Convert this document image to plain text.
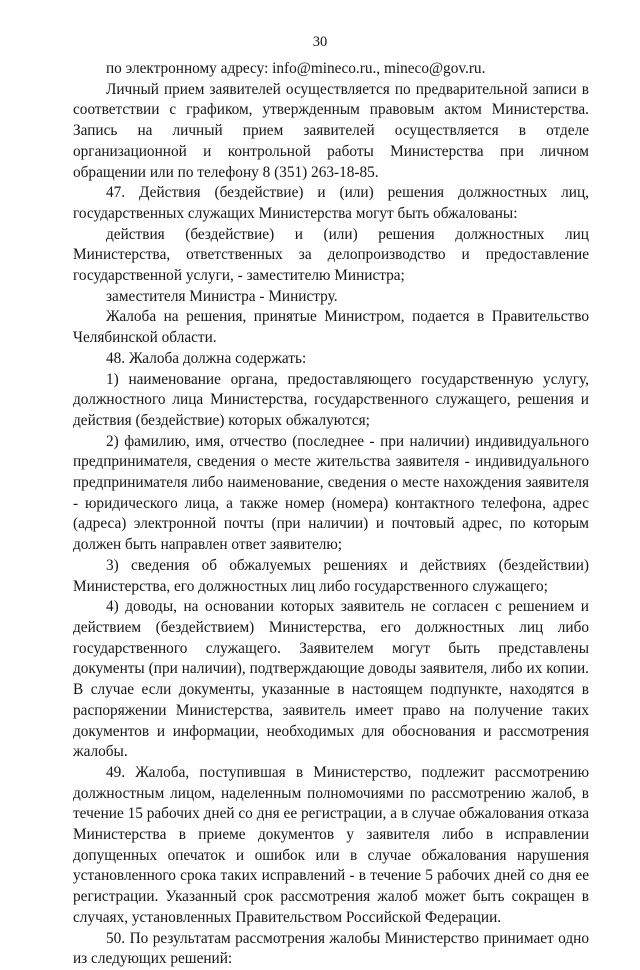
30

по электронному адресу: info@mineco.ru., mineco@gov.ru.

Личный прием заявителей осуществляется по предварительной записи в соответствии с графиком, утвержденным правовым актом Министерства. Запись на личный прием заявителей осуществляется в отделе организационной и контрольной работы Министерства при личном обращении или по телефону 8 (351) 263-18-85.

47. Действия (бездействие) и (или) решения должностных лиц, государственных служащих Министерства могут быть обжалованы:

действия (бездействие) и (или) решения должностных лиц Министерства, ответственных за делопроизводство и предоставление государственной услуги, - заместителю Министра;

заместителя Министра - Министру.

Жалоба на решения, принятые Министром, подается в Правительство Челябинской области.

48. Жалоба должна содержать:

1) наименование органа, предоставляющего государственную услугу, должностного лица Министерства, государственного служащего, решения и действия (бездействие) которых обжалуются;

2) фамилию, имя, отчество (последнее - при наличии) индивидуального предпринимателя, сведения о месте жительства заявителя - индивидуального предпринимателя либо наименование, сведения о месте нахождения заявителя - юридического лица, а также номер (номера) контактного телефона, адрес (адреса) электронной почты (при наличии) и почтовый адрес, по которым должен быть направлен ответ заявителю;

3) сведения об обжалуемых решениях и действиях (бездействии) Министерства, его должностных лиц либо государственного служащего;

4) доводы, на основании которых заявитель не согласен с решением и действием (бездействием) Министерства, его должностных лиц либо государственного служащего. Заявителем могут быть представлены документы (при наличии), подтверждающие доводы заявителя, либо их копии. В случае если документы, указанные в настоящем подпункте, находятся в распоряжении Министерства, заявитель имеет право на получение таких документов и информации, необходимых для обоснования и рассмотрения жалобы.

49. Жалоба, поступившая в Министерство, подлежит рассмотрению должностным лицом, наделенным полномочиями по рассмотрению жалоб, в течение 15 рабочих дней со дня ее регистрации, а в случае обжалования отказа Министерства в приеме документов у заявителя либо в исправлении допущенных опечаток и ошибок или в случае обжалования нарушения установленного срока таких исправлений - в течение 5 рабочих дней со дня ее регистрации. Указанный срок рассмотрения жалоб может быть сокращен в случаях, установленных Правительством Российской Федерации.

50. По результатам рассмотрения жалобы Министерство принимает одно из следующих решений:
